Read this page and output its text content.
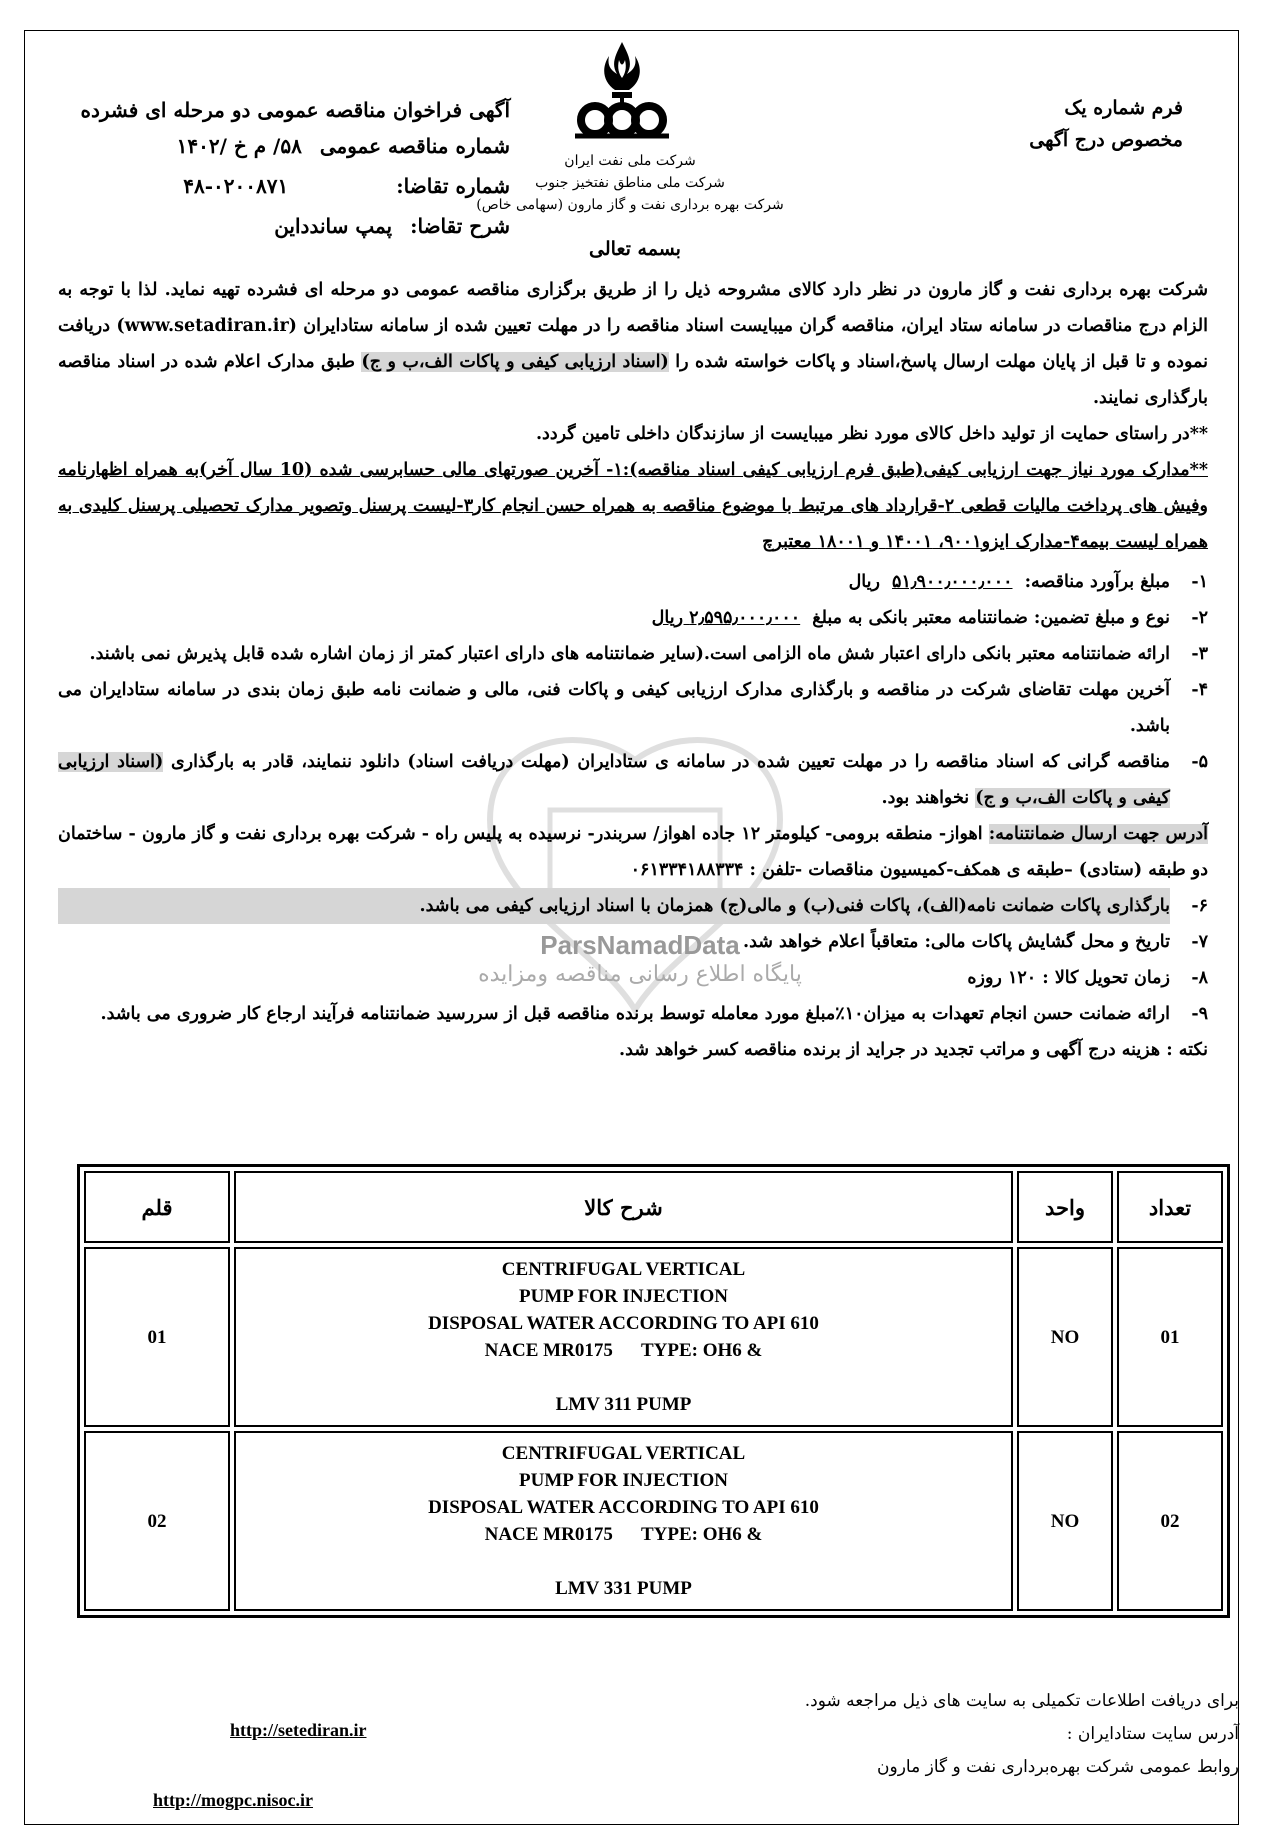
فرم شماره یک
مخصوص درج آگهی
شرکت ملی نفت ایران
شرکت ملی مناطق نفتخیز جنوب
شرکت بهره برداری نفت و گاز مارون (سهامی خاص)
آگهی فراخوان مناقصه عمومی دو مرحله ای فشرده
شماره مناقصه عمومی
۵۸/ م خ /۱۴۰۲
شماره تقاضا:
۴۸-۰۲۰۰۸۷۱
شرح تقاضا:
پمپ ساندداین
بسمه تعالی
ParsNamadData
پایگاه اطلاع رسانی مناقصه ومزایده

شرکت بهره برداری نفت و گاز مارون در نظر دارد کالای مشروحه ذیل را از طریق برگزاری مناقصه عمومی دو مرحله ای فشرده تهیه نماید. لذا با توجه به الزام درج مناقصات در سامانه ستاد ایران، مناقصه گران میبایست اسناد مناقصه را در مهلت تعیین شده از سامانه ستادایران (www.setadiran.ir) دریافت نموده و تا قبل از پایان مهلت ارسال پاسخ،اسناد و پاکات خواسته شده را (اسناد ارزیابی کیفی و پاکات الف،ب و ج) طبق مدارک اعلام شده در اسناد مناقصه بارگذاری نمایند.

**در راستای حمایت از تولید داخل کالای مورد نظر میبایست از سازندگان داخلی تامین گردد.

**مدارک مورد نیاز جهت ارزیابی کیفی(طبق فرم ارزیابی کیفی اسناد مناقصه):۱- آخرین صورتهای مالی حسابرسی شده (10 سال آخر)به همراه اظهارنامه وفیش های پرداخت مالیات قطعی ۲-قرارداد های مرتبط با موضوع مناقصه به همراه حسن انجام کار۳-لیست پرسنل وتصویر مدارک تحصیلی پرسنل کلیدی به همراه لیست بیمه۴-مدارک ایزو۹۰۰۱، ۱۴۰۰۱ و ۱۸۰۰۱ معتبرچ

۱-
مبلغ برآورد مناقصه: ۵۱٫۹۰۰٫۰۰۰٫۰۰۰ ریال
۲-
نوع و مبلغ تضمین: ضمانتنامه معتبر بانکی به مبلغ ۲٫۵۹۵٫۰۰۰٫۰۰۰ ریال
۳-
ارائه ضمانتنامه معتبر بانکی دارای اعتبار شش ماه الزامی است.(سایر ضمانتنامه های دارای اعتبار کمتر از زمان اشاره شده قابل پذیرش نمی باشند.
۴-
آخرین مهلت تقاضای شرکت در مناقصه و بارگذاری مدارک ارزیابی کیفی و پاکات فنی، مالی و ضمانت نامه طبق زمان بندی در سامانه ستادایران می باشد.
۵-
مناقصه گرانی که اسناد مناقصه را در مهلت تعیین شده در سامانه ی ستادایران (مهلت دریافت اسناد) دانلود ننمایند، قادر به بارگذاری (اسناد ارزیابی کیفی و پاکات الف،ب و ج) نخواهند بود.

آدرس جهت ارسال ضمانتنامه: اهواز- منطقه برومی- کیلومتر ۱۲ جاده اهواز/ سربندر- نرسیده به پلیس راه - شرکت بهره برداری نفت و گاز مارون - ساختمان دو طبقه (ستادی) –طبقه ی همکف-کمیسیون مناقصات -تلفن : ۰۶۱۳۳۴۱۸۸۳۳۴

۶-
بارگذاری پاکات ضمانت نامه(الف)، پاکات فنی(ب) و مالی(ج) همزمان با اسناد ارزیابی کیفی می باشد.
۷-
تاریخ و محل گشایش پاکات مالی: متعاقباً اعلام خواهد شد.
۸-
زمان تحویل کالا : ۱۲۰ روزه
۹-
ارائه ضمانت حسن انجام تعهدات به میزان۱۰٪مبلغ مورد معامله توسط برنده مناقصه قبل از سررسید ضمانتنامه فرآیند ارجاع کار ضروری می باشد.

نکته : هزینه درج آگهی و مراتب تجدید در جراید از برنده مناقصه کسر خواهد شد.

قلم	شرح کالا	واحد	تعداد
01	CENTRIFUGAL VERTICAL
PUMP FOR INJECTION
DISPOSAL WATER ACCORDING TO API 610
NACE MR0175      TYPE: OH6 &
LMV 311 PUMP	NO	01
02	CENTRIFUGAL VERTICAL
PUMP FOR INJECTION
DISPOSAL WATER ACCORDING TO API 610
NACE MR0175      TYPE: OH6 &
LMV 331 PUMP	NO	02
برای دریافت اطلاعات تکمیلی به سایت های ذیل مراجعه شود.
آدرس سایت ستادایران :
روابط عمومی شرکت بهره‌برداری نفت و گاز مارون
http://setediran.ir
http://mogpc.nisoc.ir
